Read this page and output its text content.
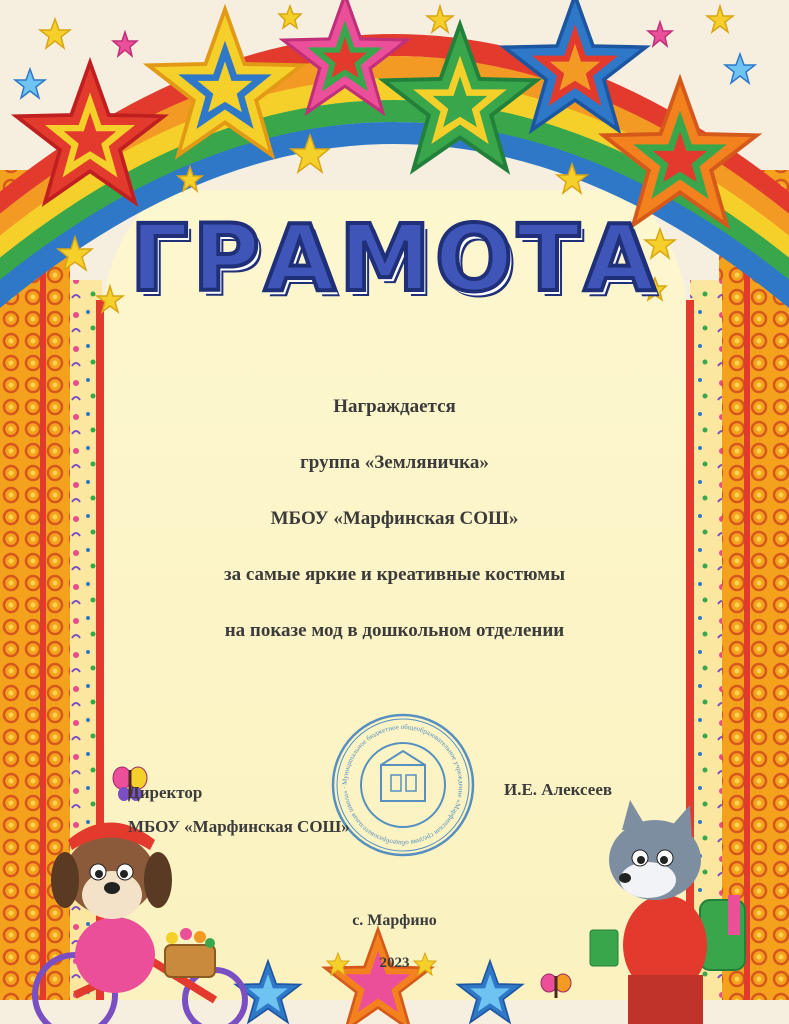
Муниципальное бюджетное общеобразовательное учреждение «Марфинская средняя общеобразовательная школа» · Московская область · городской округ Мытищи
ГРАМОТА
Награждается
группа «Земляничка»
МБОУ «Марфинская СОШ»
за самые яркие и креативные костюмы
на показе мод в дошкольном отделении
Директор
МБОУ «Марфинская СОШ»
И.Е. Алексеев
с. Марфино
2023
